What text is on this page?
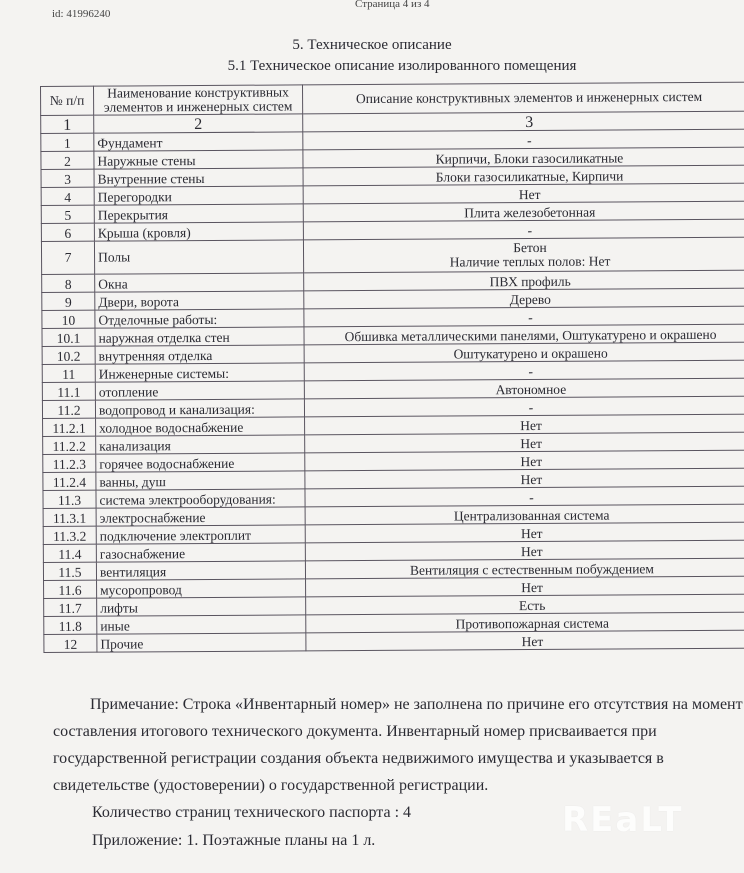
id: 41996240
Страница 4 из 4
5. Техническое описание
5.1 Техническое описание изолированного помещения
№ п/п	Наименование конструктивных элементов и инженерных систем	Описание конструктивных элементов и инженерных систем
1	2	3
1	Фундамент	-
2	Наружные стены	Кирпичи, Блоки газосиликатные
3	Внутренние стены	Блоки газосиликатные, Кирпичи
4	Перегородки	Нет
5	Перекрытия	Плита железобетонная
6	Крыша (кровля)	-
7	Полы	Бетон
Наличие теплых полов: Нет

8	Окна	ПВХ профиль
9	Двери, ворота	Дерево
10	Отделочные работы:	-
10.1	наружная отделка стен	Обшивка металлическими панелями, Оштукатурено и окрашено
10.2	внутренняя отделка	Оштукатурено и окрашено
11	Инженерные системы:	-
11.1	отопление	Автономное
11.2	водопровод и канализация:	-
11.2.1	холодное водоснабжение	Нет
11.2.2	канализация	Нет
11.2.3	горячее водоснабжение	Нет
11.2.4	ванны, душ	Нет
11.3	система электрооборудования:	-
11.3.1	электроснабжение	Централизованная система
11.3.2	подключение электроплит	Нет
11.4	газоснабжение	Нет
11.5	вентиляция	Вентиляция с естественным побуждением
11.6	мусоропровод	Нет
11.7	лифты	Есть
11.8	иные	Противопожарная система
12	Прочие	Нет

Примечание: Строка «Инвентарный номер» не заполнена по причине его отсутствия на момент

составления итогового технического документа. Инвентарный номер присваивается при

государственной регистрации создания объекта недвижимого имущества и указывается в

свидетельстве (удостоверении) о государственной регистрации.

Количество страниц технического паспорта : 4
Приложение: 1. Поэтажные планы на 1 л.
REaLT
